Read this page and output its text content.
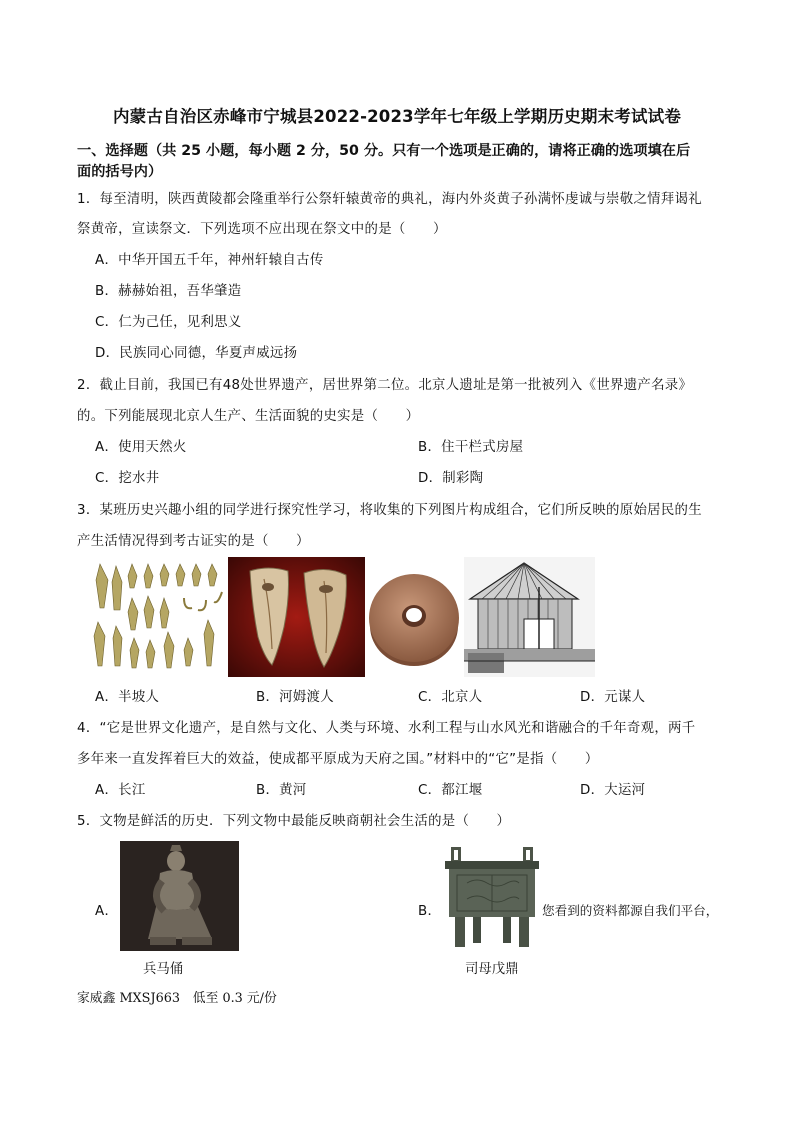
内蒙古自治区赤峰市宁城县2022-2023学年七年级上学期历史期末考试试卷
一、选择题（共 25 小题，每小题 2 分，50 分。只有一个选项是正确的，请将正确的选项填在后
面的括号内）
1．每至清明，陕西黄陵都会隆重举行公祭轩辕黄帝的典礼，海内外炎黄子孙满怀虔诚与崇敬之情拜谒礼
祭黄帝，宣读祭文．下列选项不应出现在祭文中的是（　　）
A．中华开国五千年，神州轩辕自古传
B．赫赫始祖，吾华肇造
C．仁为己任，见利思义
D．民族同心同德，华夏声威远扬
2．截止目前，我国已有48处世界遗产，居世界第二位。北京人遗址是第一批被列入《世界遗产名录》
的。下列能展现北京人生产、生活面貌的史实是（　　）
A．使用天然火	B．住干栏式房屋
C．挖水井	D．制彩陶
3．某班历史兴趣小组的同学进行探究性学习，将收集的下列图片构成组合，它们所反映的原始居民的生
产生活情况得到考古证实的是（　　）
A．半坡人	B．河姆渡人	C．北京人	D．元谋人
4．“它是世界文化遗产，是自然与文化、人类与环境、水利工程与山水风光和谐融合的千年奇观，两千
多年来一直发挥着巨大的效益，使成都平原成为天府之国。”材料中的“它”是指（　　）
A．长江	B．黄河	C．都江堰	D．大运河
5．文物是鲜活的历史．下列文物中最能反映商朝社会生活的是（　　）
A．
兵马俑
B．	您看到的资料都源自我们平台，
司母戊鼎
家威鑫 MXSJ663　低至 0.3 元/份
